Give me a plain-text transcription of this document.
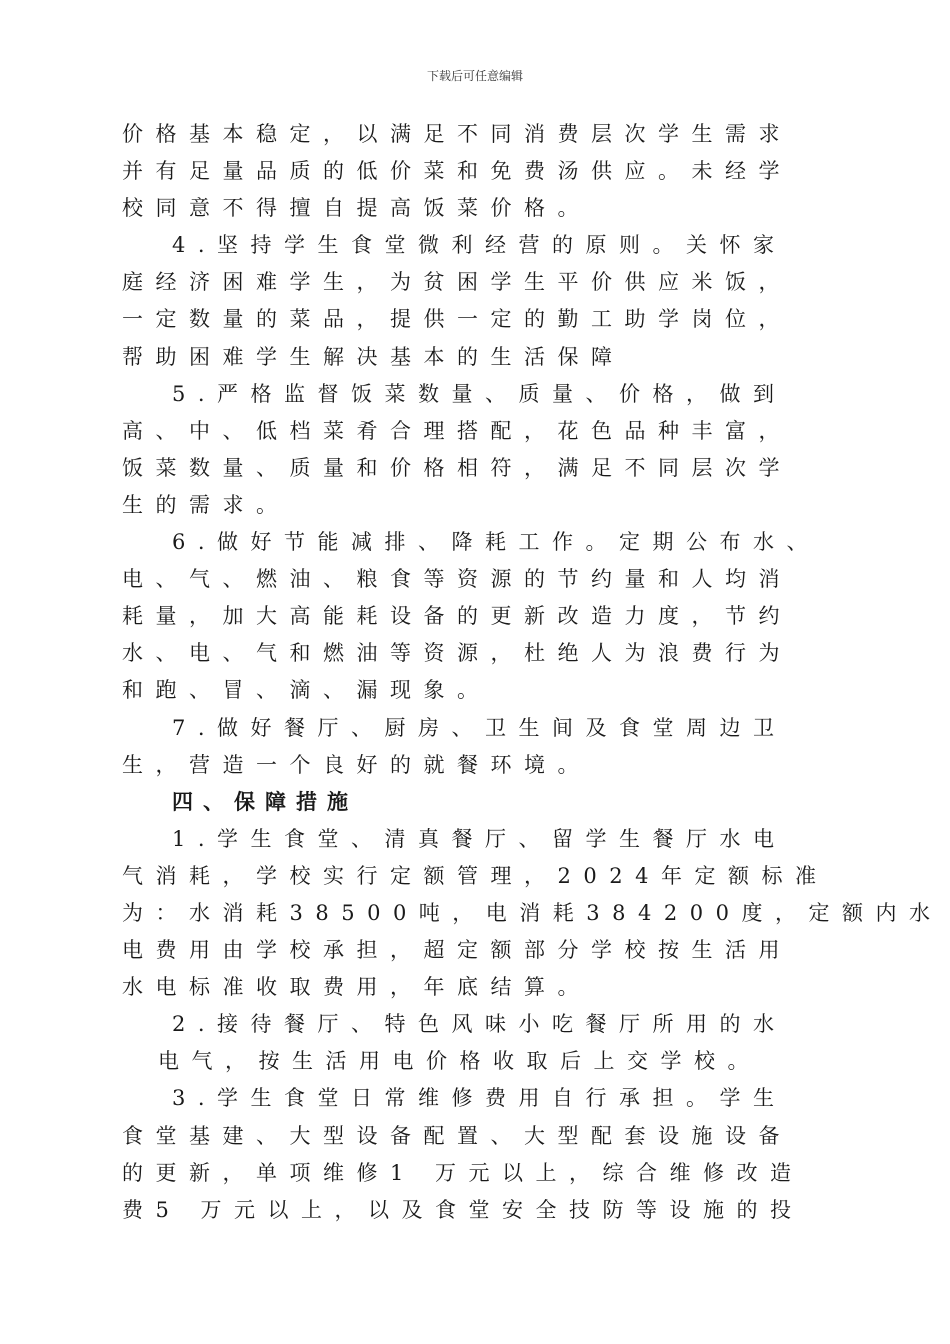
下载后可任意编辑
价格基本稳定，以满足不同消费层次学生需求
并有足量品质的低价菜和免费汤供应。未经学
校同意不得擅自提高饭菜价格。
4.坚持学生食堂微利经营的原则。关怀家
庭经济困难学生，为贫困学生平价供应米饭，
一定数量的菜品，提供一定的勤工助学岗位，
帮助困难学生解决基本的生活保障
5.严格监督饭菜数量、质量、价格，做到
高、中、低档菜肴合理搭配，花色品种丰富，
饭菜数量、质量和价格相符，满足不同层次学
生的需求。
6.做好节能减排、降耗工作。定期公布水、
电、气、燃油、粮食等资源的节约量和人均消
耗量，加大高能耗设备的更新改造力度，节约
水、电、气和燃油等资源，杜绝人为浪费行为
和跑、冒、滴、漏现象。
7.做好餐厅、厨房、卫生间及食堂周边卫
生，营造一个良好的就餐环境。
四、保障措施
1.学生食堂、清真餐厅、留学生餐厅水电
气消耗，学校实行定额管理，2024年定额标准
为：水消耗38500吨，电消耗384200度，定额内水
电费用由学校承担，超定额部分学校按生活用
水电标准收取费用，年底结算。
2.接待餐厅、特色风味小吃餐厅所用的水
电气，按生活用电价格收取后上交学校。
3.学生食堂日常维修费用自行承担。学生
食堂基建、大型设备配置、大型配套设施设备
的更新，单项维修1 万元以上，综合维修改造
费5 万元以上，以及食堂安全技防等设施的投
